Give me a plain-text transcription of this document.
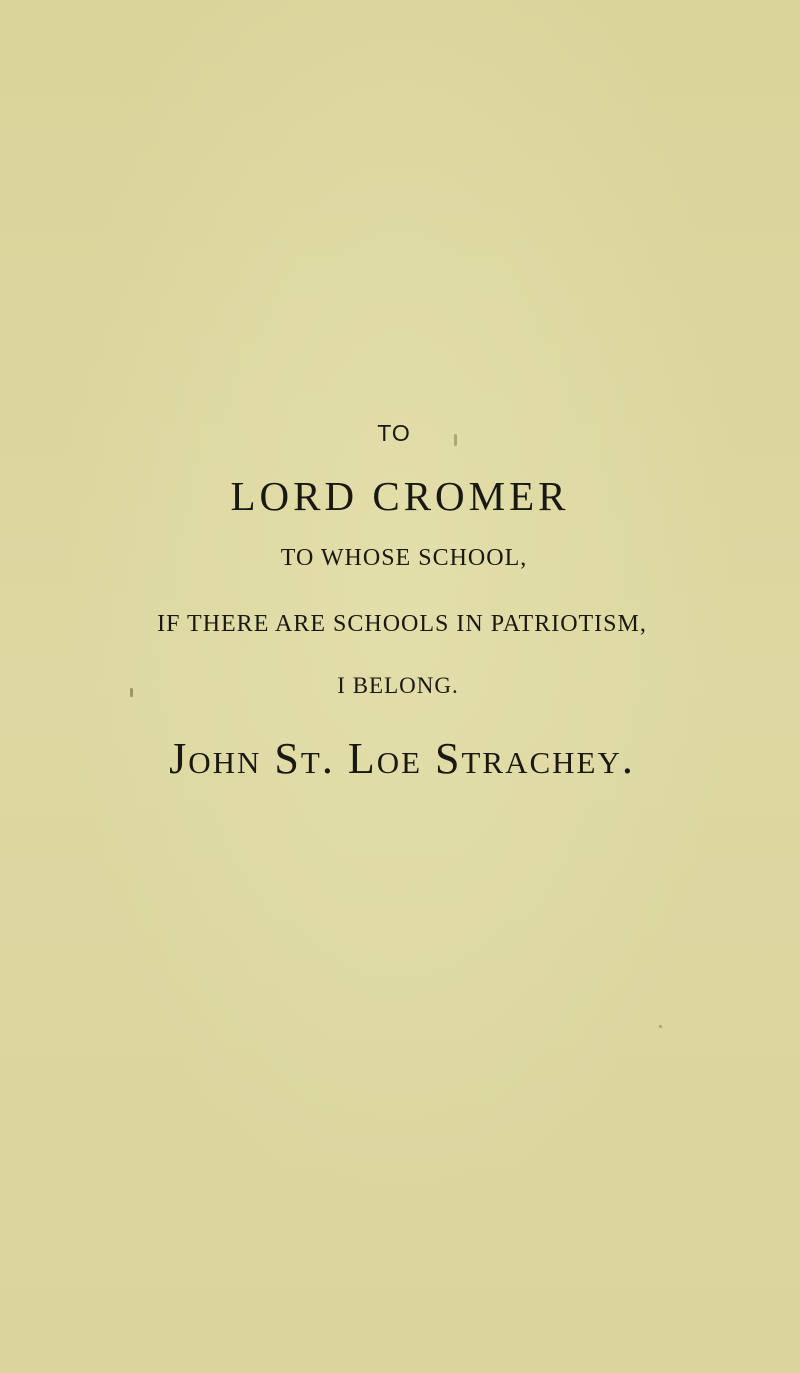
TO
LORD CROMER
TO WHOSE SCHOOL,
IF THERE ARE SCHOOLS IN PATRIOTISM,
I BELONG.
John St. Loe Strachey.
